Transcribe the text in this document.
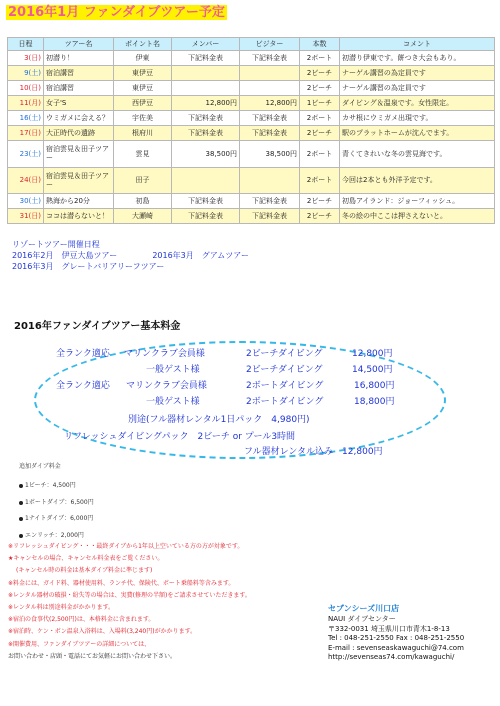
2016年1月 ファンダイブツアー予定
日程	ツアー名	ポイント名	メンバー	ビジター	本数	コメント
3(日)	初潜り！	伊東	下記料金表	下記料金表	2ボート	初潜り伊東です。餅つき大会もあり。
9(土)	宿泊講習	東伊豆			2ビーチ	ナーゲル講習の為定員です
10(日)	宿泊講習	東伊豆			2ビーチ	ナーゲル講習の為定員です
11(月)	女子'S	西伊豆	12,800円	12,800円	1ビーチ	ダイビング＆温泉です。女性限定。
16(土)	ウミガメに会える？	宇佐美	下記料金表	下記料金表	2ボート	カサ根にウミガメ出現です。
17(日)	大正時代の遺跡	根府川	下記料金表	下記料金表	2ビーチ	駅のプラットホームが沈んでます。
23(土)	宿泊雲見＆田子ツアー	雲見	38,500円	38,500円	2ボート	青くてきれいな冬の雲見海です。
24(日)	宿泊雲見＆田子ツアー	田子			2ボート	今回は2本とも外洋予定です。
30(土)	熱海から20分	初島	下記料金表	下記料金表	2ビーチ	初島アイランド：ジョーフィッシュ。
31(日)	ココは潜らないと！	大瀬崎	下記料金表	下記料金表	2ビーチ	冬の絵の中ここは押さえないと。
リゾートツアー開催日程
2016年2月　伊豆大島ツアー	2016年3月　グアムツアー
2016年3月　グレートバリアリーフツアー
2016年ファンダイブツアー基本料金
全ランク適応 マリンクラブ会員様	2ビーチダイビング	12,800円
一般ゲスト様	2ビーチダイビング	14,500円
全ランク適応 マリンクラブ会員様	2ボートダイビング	16,800円
一般ゲスト様	2ボートダイビング	18,800円
別途(フル器材レンタル1日パック　4,980円)
リフレッシュダイビングパック　2ビーチ or プール3時間
フル器材レンタル込み　12,800円
追加ダイブ料金
1ビーチ：4,500円
1ボートダイブ：6,500円
1ナイトダイブ：6,000円
エンリッチ：2,000円
※リフレッシュダイビング・・・最終ダイブから1年以上空いている方の方が対象です。
★キャンセルの場合、キャンセル料金表をご覧ください。
(キャンセル時の料金は基本ダイブ料金に準じます)
※料金には、ガイド料、器材使用料、ランチ代、保険代、ボート乗船料等含みます。
※レンタル器材の破損・紛失等の場合は、実費(修理の半額)をご請求させていただきます。
※レンタル料は別途料金がかかります。
※宿泊の食事代(2,500円)は、本格料金に含まれます。
※宿泊時、ケン・ボン温泉入浴料は、入場料(3,240円)がかかります。
※開催費用、ファンダイブツアーの詳細については、
お問い合わせ・店頭・電話にてお気軽にお問い合わせ下さい。
セブンシーズ川口店
NAUI ダイブセンター
〒332-0031 埼玉県川口市青木1-8-13
Tel : 048-251-2550 Fax : 048-251-2550
E-mail : sevenseaskawaguchi@74.com
http://sevenseas74.com/kawaguchi/
